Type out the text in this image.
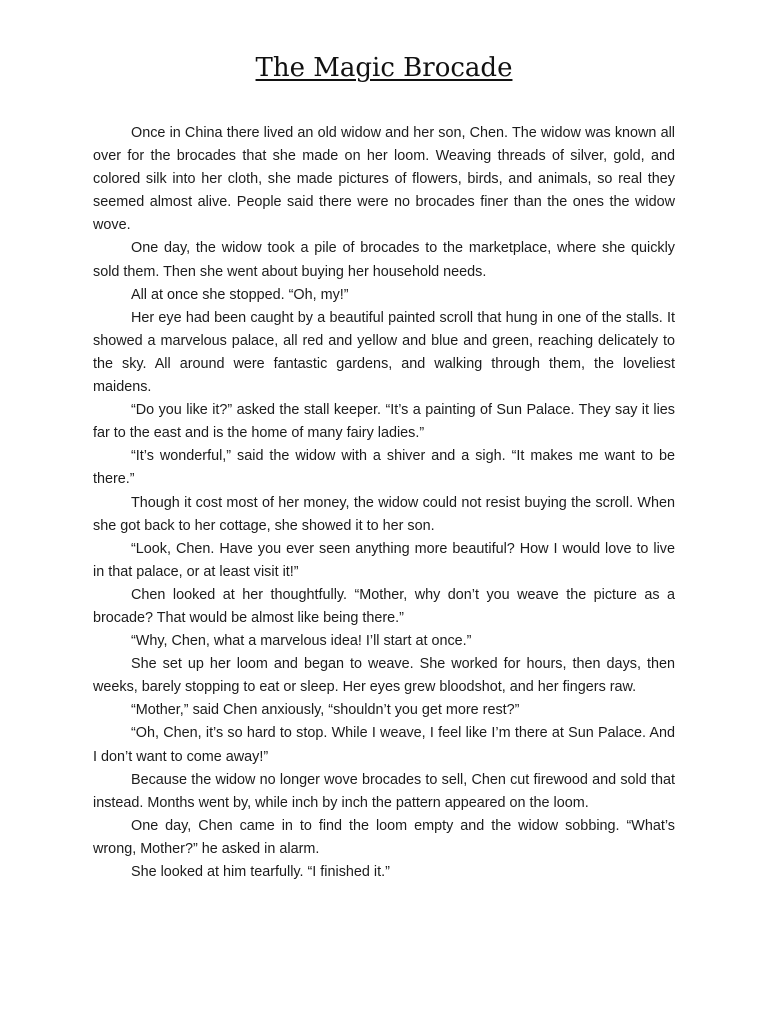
The Magic Brocade

Once in China there lived an old widow and her son, Chen. The widow was known all over for the brocades that she made on her loom. Weaving threads of silver, gold, and colored silk into her cloth, she made pictures of flowers, birds, and animals, so real they seemed almost alive. People said there were no brocades finer than the ones the widow wove.

One day, the widow took a pile of brocades to the marketplace, where she quickly sold them. Then she went about buying her household needs.

All at once she stopped. “Oh, my!”

Her eye had been caught by a beautiful painted scroll that hung in one of the stalls. It showed a marvelous palace, all red and yellow and blue and green, reaching delicately to the sky. All around were fantastic gardens, and walking through them, the loveliest maidens.

“Do you like it?” asked the stall keeper. “It’s a painting of Sun Palace. They say it lies far to the east and is the home of many fairy ladies.”

“It’s wonderful,” said the widow with a shiver and a sigh. “It makes me want to be there.”

Though it cost most of her money, the widow could not resist buying the scroll. When she got back to her cottage, she showed it to her son.

“Look, Chen. Have you ever seen anything more beautiful? How I would love to live in that palace, or at least visit it!”

Chen looked at her thoughtfully. “Mother, why don’t you weave the picture as a brocade? That would be almost like being there.”

“Why, Chen, what a marvelous idea! I’ll start at once.”

She set up her loom and began to weave. She worked for hours, then days, then weeks, barely stopping to eat or sleep. Her eyes grew bloodshot, and her fingers raw.

“Mother,” said Chen anxiously, “shouldn’t you get more rest?”

“Oh, Chen, it’s so hard to stop. While I weave, I feel like I’m there at Sun Palace. And I don’t want to come away!”

Because the widow no longer wove brocades to sell, Chen cut firewood and sold that instead. Months went by, while inch by inch the pattern appeared on the loom.

One day, Chen came in to find the loom empty and the widow sobbing. “What’s wrong, Mother?” he asked in alarm.

She looked at him tearfully. “I finished it.”
